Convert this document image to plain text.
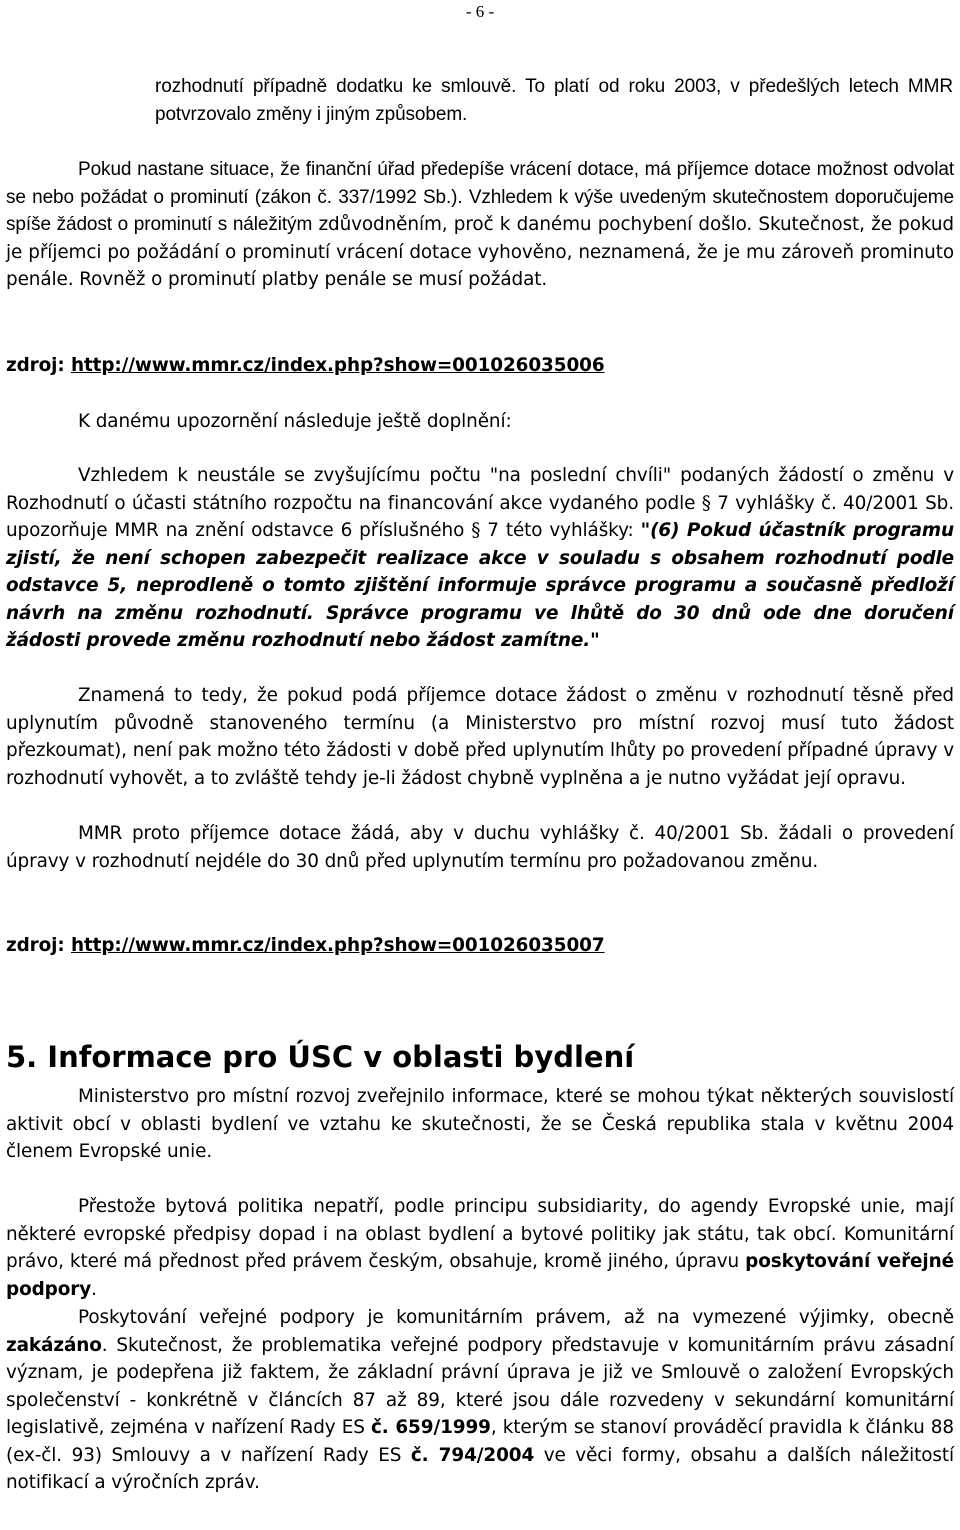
- 6 -

rozhodnutí případně dodatku ke smlouvě. To platí od roku 2003, v předešlých letech MMR potvrzovalo změny i jiným způsobem.

Pokud nastane situace, že finanční úřad předepíše vrácení dotace, má příjemce dotace možnost odvolat se nebo požádat o prominutí (zákon č. 337/1992 Sb.). Vzhledem k výše uvedeným skutečnostem doporučujeme spíše žádost o prominutí s náležitým zdůvodněním, proč k danému pochybení došlo. Skutečnost, že pokud je příjemci po požádání o prominutí vrácení dotace vyhověno, neznamená, že je mu zároveň prominuto penále. Rovněž o prominutí platby penále se musí požádat.

zdroj: http://www.mmr.cz/index.php?show=001026035006

K danému upozornění následuje ještě doplnění:

Vzhledem k neustále se zvyšujícímu počtu "na poslední chvíli" podaných žádostí o změnu v Rozhodnutí o účasti státního rozpočtu na financování akce vydaného podle § 7 vyhlášky č. 40/2001 Sb. upozorňuje MMR na znění odstavce 6 příslušného § 7 této vyhlášky: "(6) Pokud účastník programu zjistí, že není schopen zabezpečit realizace akce v souladu s obsahem rozhodnutí podle odstavce 5, neprodleně o tomto zjištění informuje správce programu a současně předloží návrh na změnu rozhodnutí. Správce programu ve lhůtě do 30 dnů ode dne doručení žádosti provede změnu rozhodnutí nebo žádost zamítne."

Znamená to tedy, že pokud podá příjemce dotace žádost o změnu v rozhodnutí těsně před uplynutím původně stanoveného termínu (a Ministerstvo pro místní rozvoj musí tuto žádost přezkoumat), není pak možno této žádosti v době před uplynutím lhůty po provedení případné úpravy v rozhodnutí vyhovět, a to zvláště tehdy je-li žádost chybně vyplněna a je nutno vyžádat její opravu.

MMR proto příjemce dotace žádá, aby v duchu vyhlášky č. 40/2001 Sb. žádali o provedení úpravy v rozhodnutí nejdéle do 30 dnů před uplynutím termínu pro požadovanou změnu.

zdroj: http://www.mmr.cz/index.php?show=001026035007

5. Informace pro ÚSC v oblasti bydlení

Ministerstvo pro místní rozvoj zveřejnilo informace, které se mohou týkat některých souvislostí aktivit obcí v oblasti bydlení ve vztahu ke skutečnosti, že se Česká republika stala v květnu 2004 členem Evropské unie.

Přestože bytová politika nepatří, podle principu subsidiarity, do agendy Evropské unie, mají některé evropské předpisy dopad i na oblast bydlení a bytové politiky jak státu, tak obcí. Komunitární právo, které má přednost před právem českým, obsahuje, kromě jiného, úpravu poskytování veřejné podpory.

Poskytování veřejné podpory je komunitárním právem, až na vymezené výjimky, obecně zakázáno. Skutečnost, že problematika veřejné podpory představuje v komunitárním právu zásadní význam, je podepřena již faktem, že základní právní úprava je již ve Smlouvě o založení Evropských společenství - konkrétně v článcích 87 až 89, které jsou dále rozvedeny v sekundární komunitární legislativě, zejména v nařízení Rady ES č. 659/1999, kterým se stanoví prováděcí pravidla k článku 88 (ex-čl. 93) Smlouvy a v nařízení Rady ES č. 794/2004 ve věci formy, obsahu a dalších náležitostí notifikací a výročních zpráv.
